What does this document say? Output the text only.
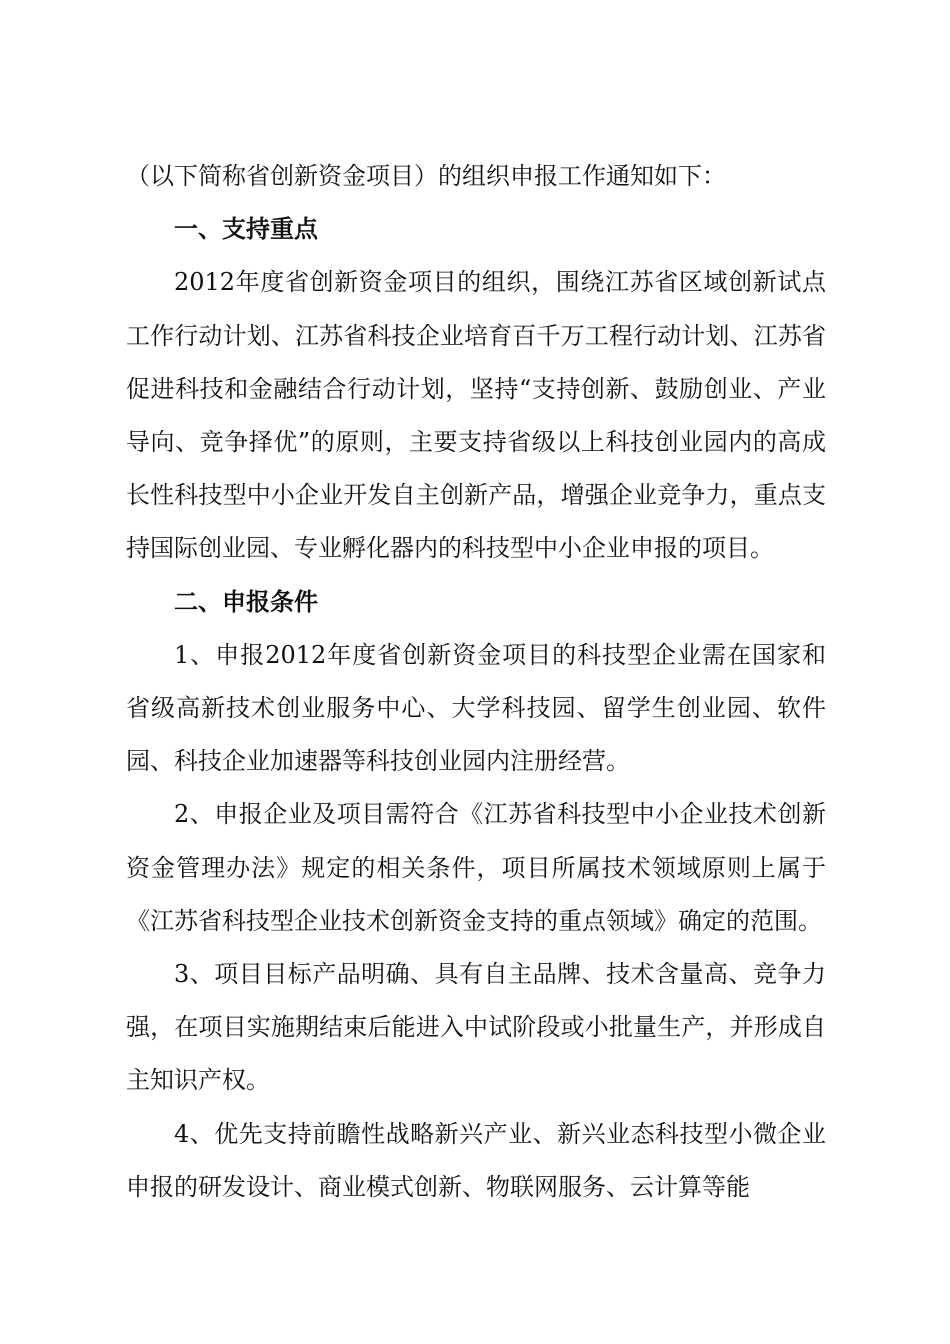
（以下简称省创新资金项目）的组织申报工作通知如下：

一、支持重点

2012年度省创新资金项目的组织，围绕江苏省区域创新试点工作行动计划、江苏省科技企业培育百千万工程行动计划、江苏省促进科技和金融结合行动计划，坚持“支持创新、鼓励创业、产业导向、竞争择优”的原则，主要支持省级以上科技创业园内的高成长性科技型中小企业开发自主创新产品，增强企业竞争力，重点支持国际创业园、专业孵化器内的科技型中小企业申报的项目。

二、申报条件

1、申报2012年度省创新资金项目的科技型企业需在国家和省级高新技术创业服务中心、大学科技园、留学生创业园、软件园、科技企业加速器等科技创业园内注册经营。

2、申报企业及项目需符合《江苏省科技型中小企业技术创新资金管理办法》规定的相关条件，项目所属技术领域原则上属于《江苏省科技型企业技术创新资金支持的重点领域》确定的范围。

3、项目目标产品明确、具有自主品牌、技术含量高、竞争力强，在项目实施期结束后能进入中试阶段或小批量生产，并形成自主知识产权。

4、优先支持前瞻性战略新兴产业、新兴业态科技型小微企业申报的研发设计、商业模式创新、物联网服务、云计算等能
